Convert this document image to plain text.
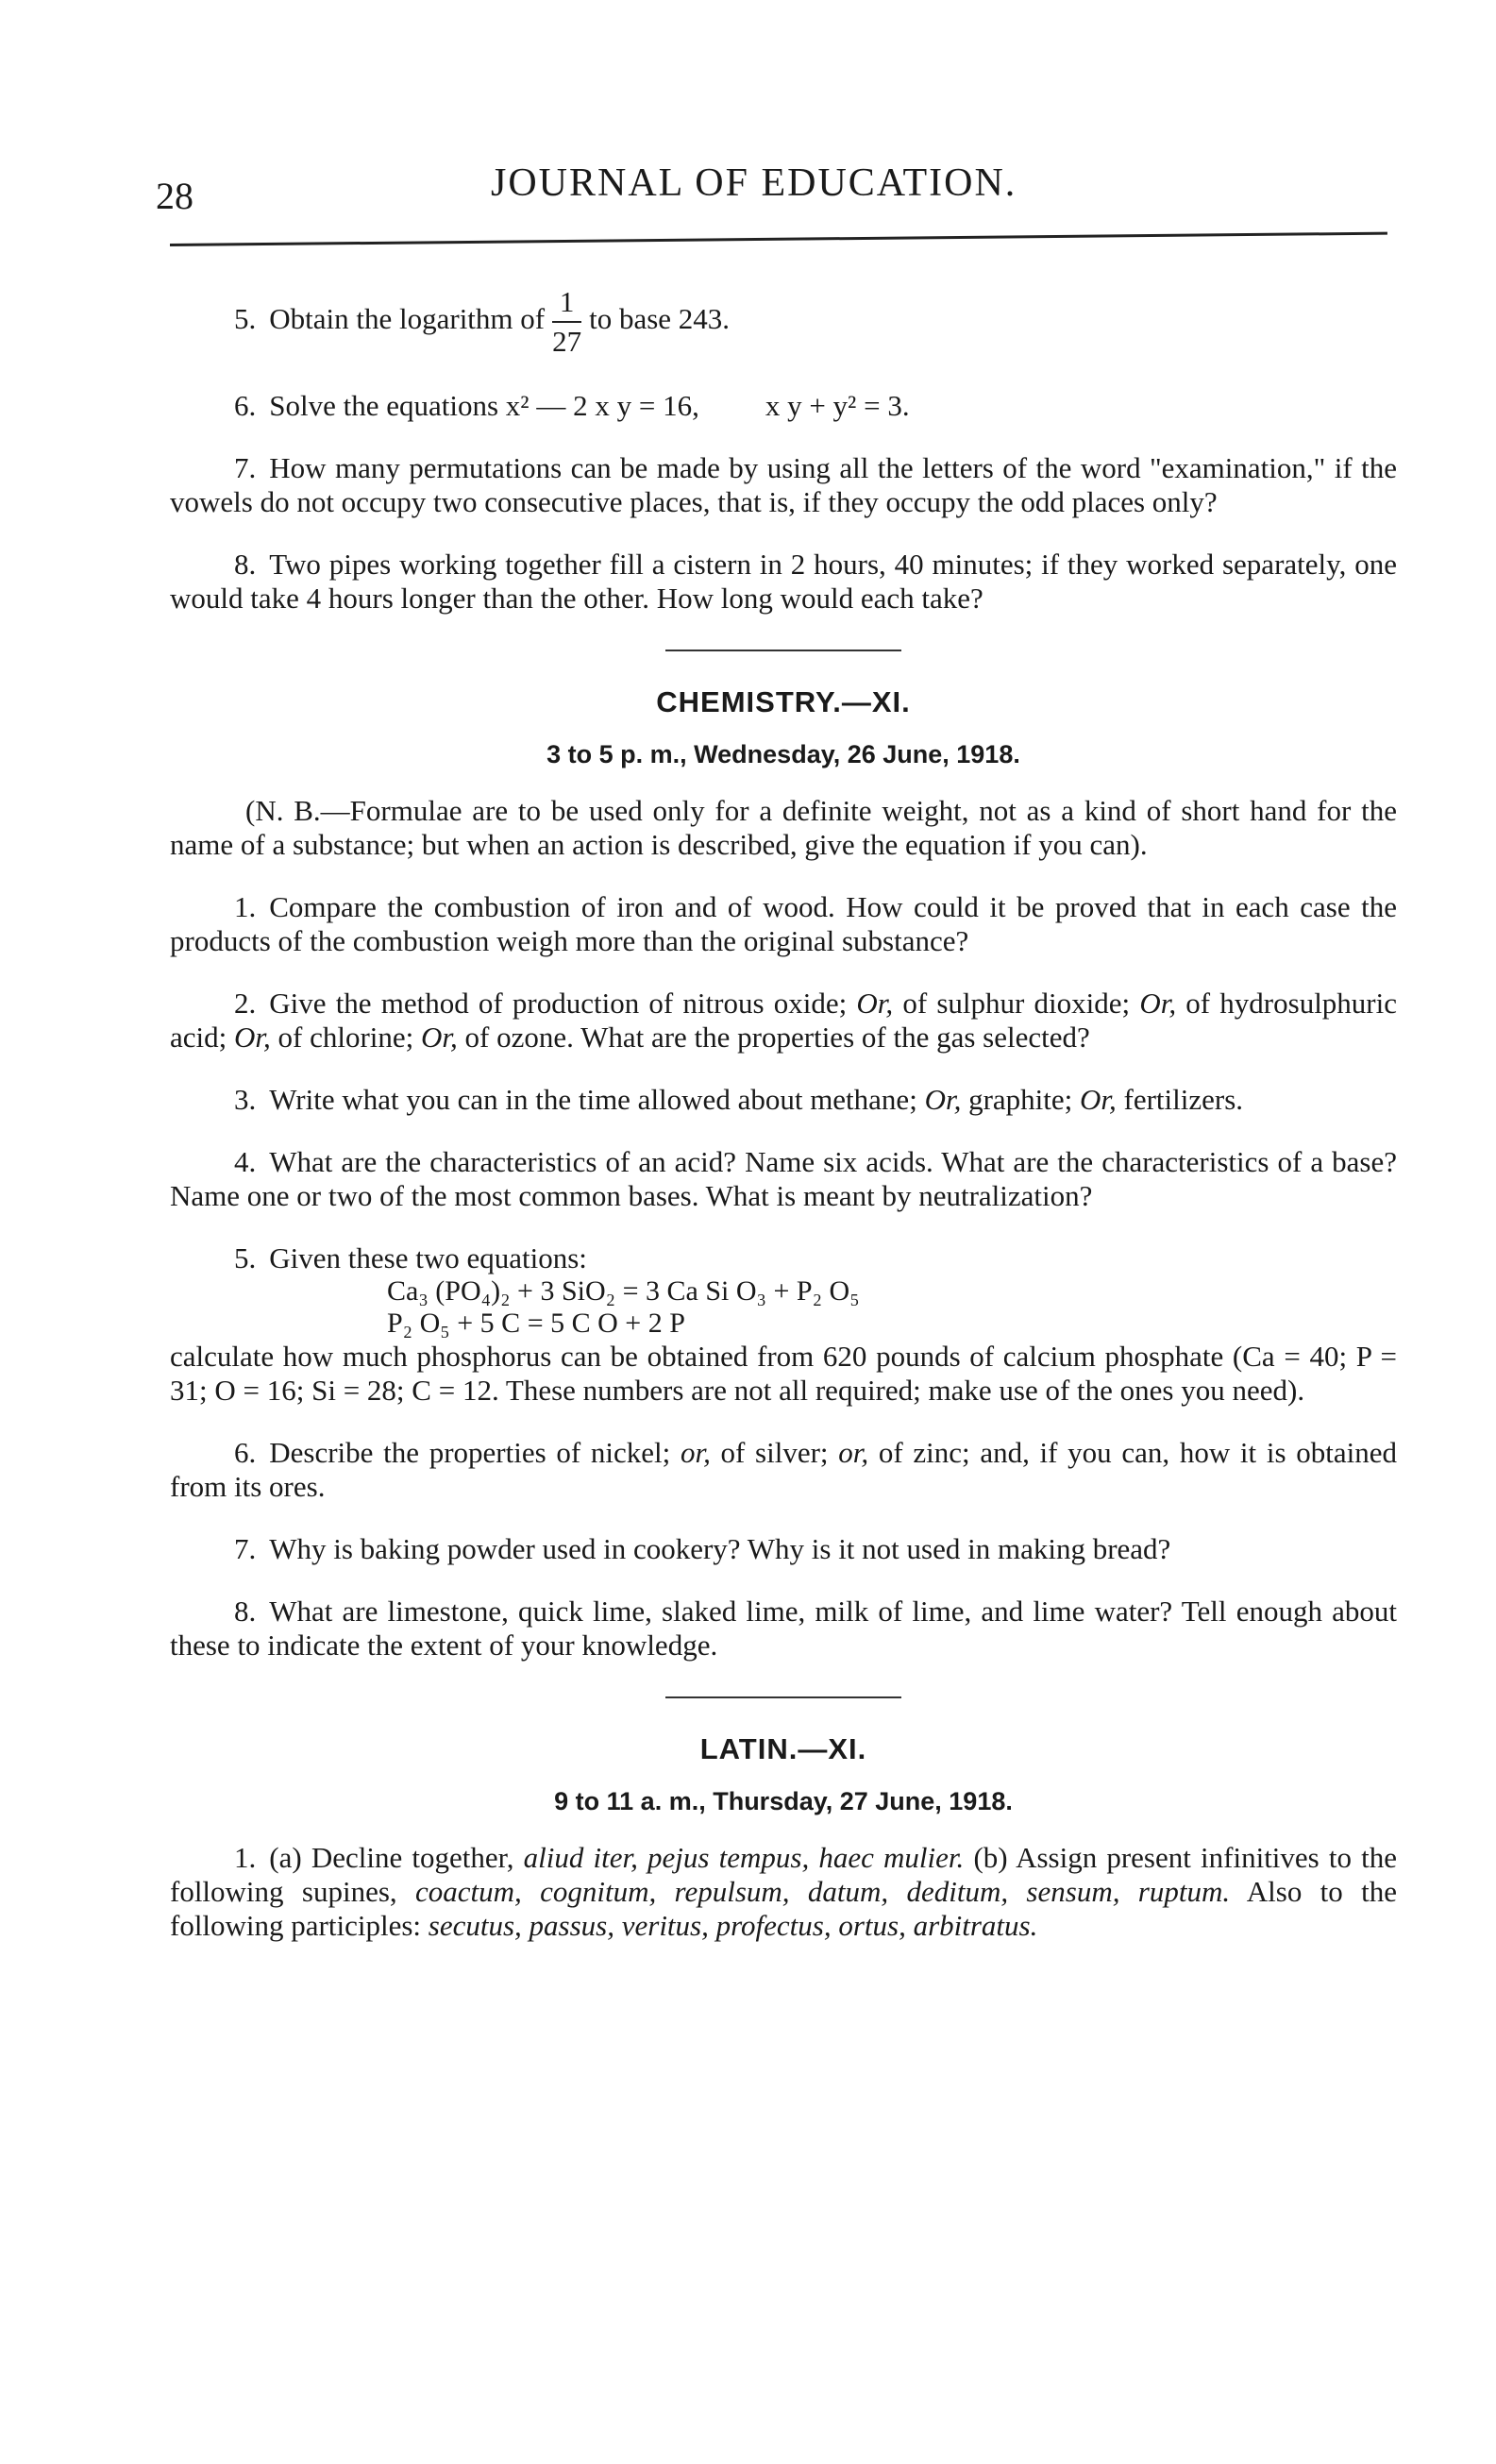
28	JOURNAL OF EDUCATION.

5. Obtain the logarithm of $\frac{1}{27}$ to base 243.

6. Solve the equations x² — 2 x y = 16, x y + y² = 3.

7. How many permutations can be made by using all the letters of the word "examination," if the vowels do not occupy two consecutive places, that is, if they occupy the odd places only?

8. Two pipes working together fill a cistern in 2 hours, 40 minutes; if they worked separately, one would take 4 hours longer than the other. How long would each take?

CHEMISTRY.—XI.
3 to 5 p. m., Wednesday, 26 June, 1918.

(N. B.—Formulae are to be used only for a definite weight, not as a kind of short hand for the name of a substance; but when an action is described, give the equation if you can).

1. Compare the combustion of iron and of wood. How could it be proved that in each case the products of the combustion weigh more than the original substance?

2. Give the method of production of nitrous oxide; Or, of sulphur dioxide; Or, of hydrosulphuric acid; Or, of chlorine; Or, of ozone. What are the properties of the gas selected?

3. Write what you can in the time allowed about methane; Or, graphite; Or, fertilizers.

4. What are the characteristics of an acid? Name six acids. What are the characteristics of a base? Name one or two of the most common bases. What is meant by neutralization?

5. Given these two equations:
Ca₃ (PO₄)₂ + 3 SiO₂ = 3 Ca Si O₃ + P₂ O₅
P₂ O₅ + 5 C = 5 C O + 2 P
calculate how much phosphorus can be obtained from 620 pounds of calcium phosphate (Ca = 40; P = 31; O = 16; Si = 28; C = 12. These numbers are not all required; make use of the ones you need).

6. Describe the properties of nickel; or, of silver; or, of zinc; and, if you can, how it is obtained from its ores.

7. Why is baking powder used in cookery? Why is it not used in making bread?

8. What are limestone, quick lime, slaked lime, milk of lime, and lime water? Tell enough about these to indicate the extent of your knowledge.

LATIN.—XI.
9 to 11 a. m., Thursday, 27 June, 1918.

1. (a) Decline together, aliud iter, pejus tempus, haec mulier. (b) Assign present infinitives to the following supines, coactum, cognitum, repulsum, datum, deditum, sensum, ruptum. Also to the following participles: secutus, passus, veritus, profectus, ortus, arbitratus.
